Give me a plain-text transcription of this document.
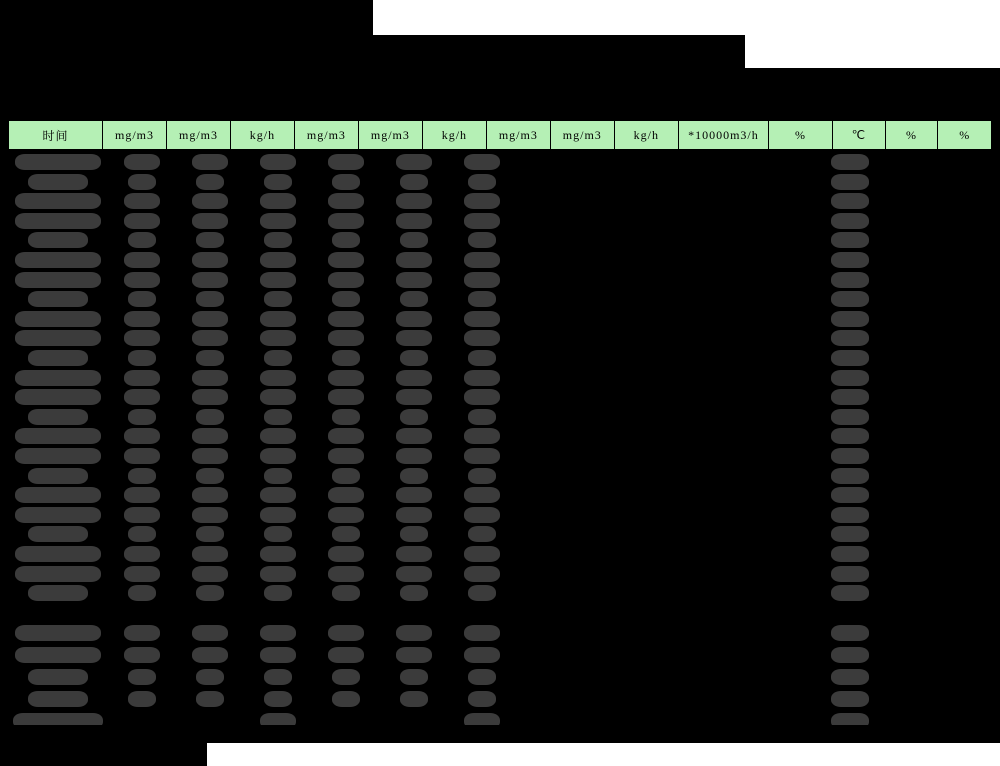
时间	mg/m3	mg/m3	kg/h	mg/m3	mg/m3	kg/h	mg/m3	mg/m3	kg/h	*10000m3/h	%	℃	%	%
